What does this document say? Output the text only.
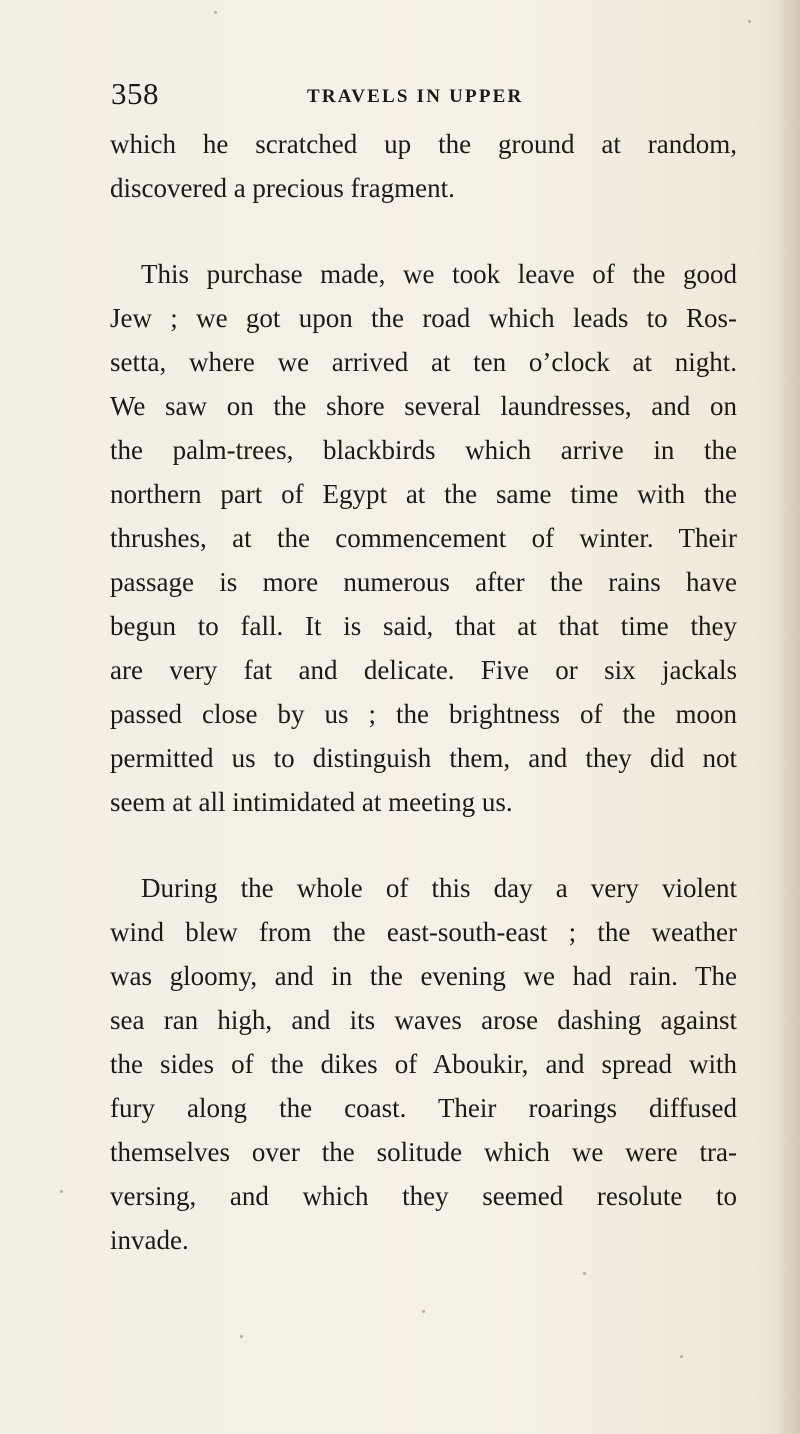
358	TRAVELS IN UPPER
which he scratched up the ground at random,
discovered a precious fragment.
This purchase made, we took leave of the good
Jew ; we got upon the road which leads to Ros-
setta, where we arrived at ten o’clock at night.
We saw on the shore several laundresses, and on
the palm-trees, blackbirds which arrive in the
northern part of Egypt at the same time with the
thrushes, at the commencement of winter. Their
passage is more numerous after the rains have
begun to fall. It is said, that at that time they
are very fat and delicate. Five or six jackals
passed close by us ; the brightness of the moon
permitted us to distinguish them, and they did not
seem at all intimidated at meeting us.
During the whole of this day a very violent
wind blew from the east-south-east ; the weather
was gloomy, and in the evening we had rain. The
sea ran high, and its waves arose dashing against
the sides of the dikes of Aboukir, and spread with
fury along the coast. Their roarings diffused
themselves over the solitude which we were tra-
versing, and which they seemed resolute to
invade.
